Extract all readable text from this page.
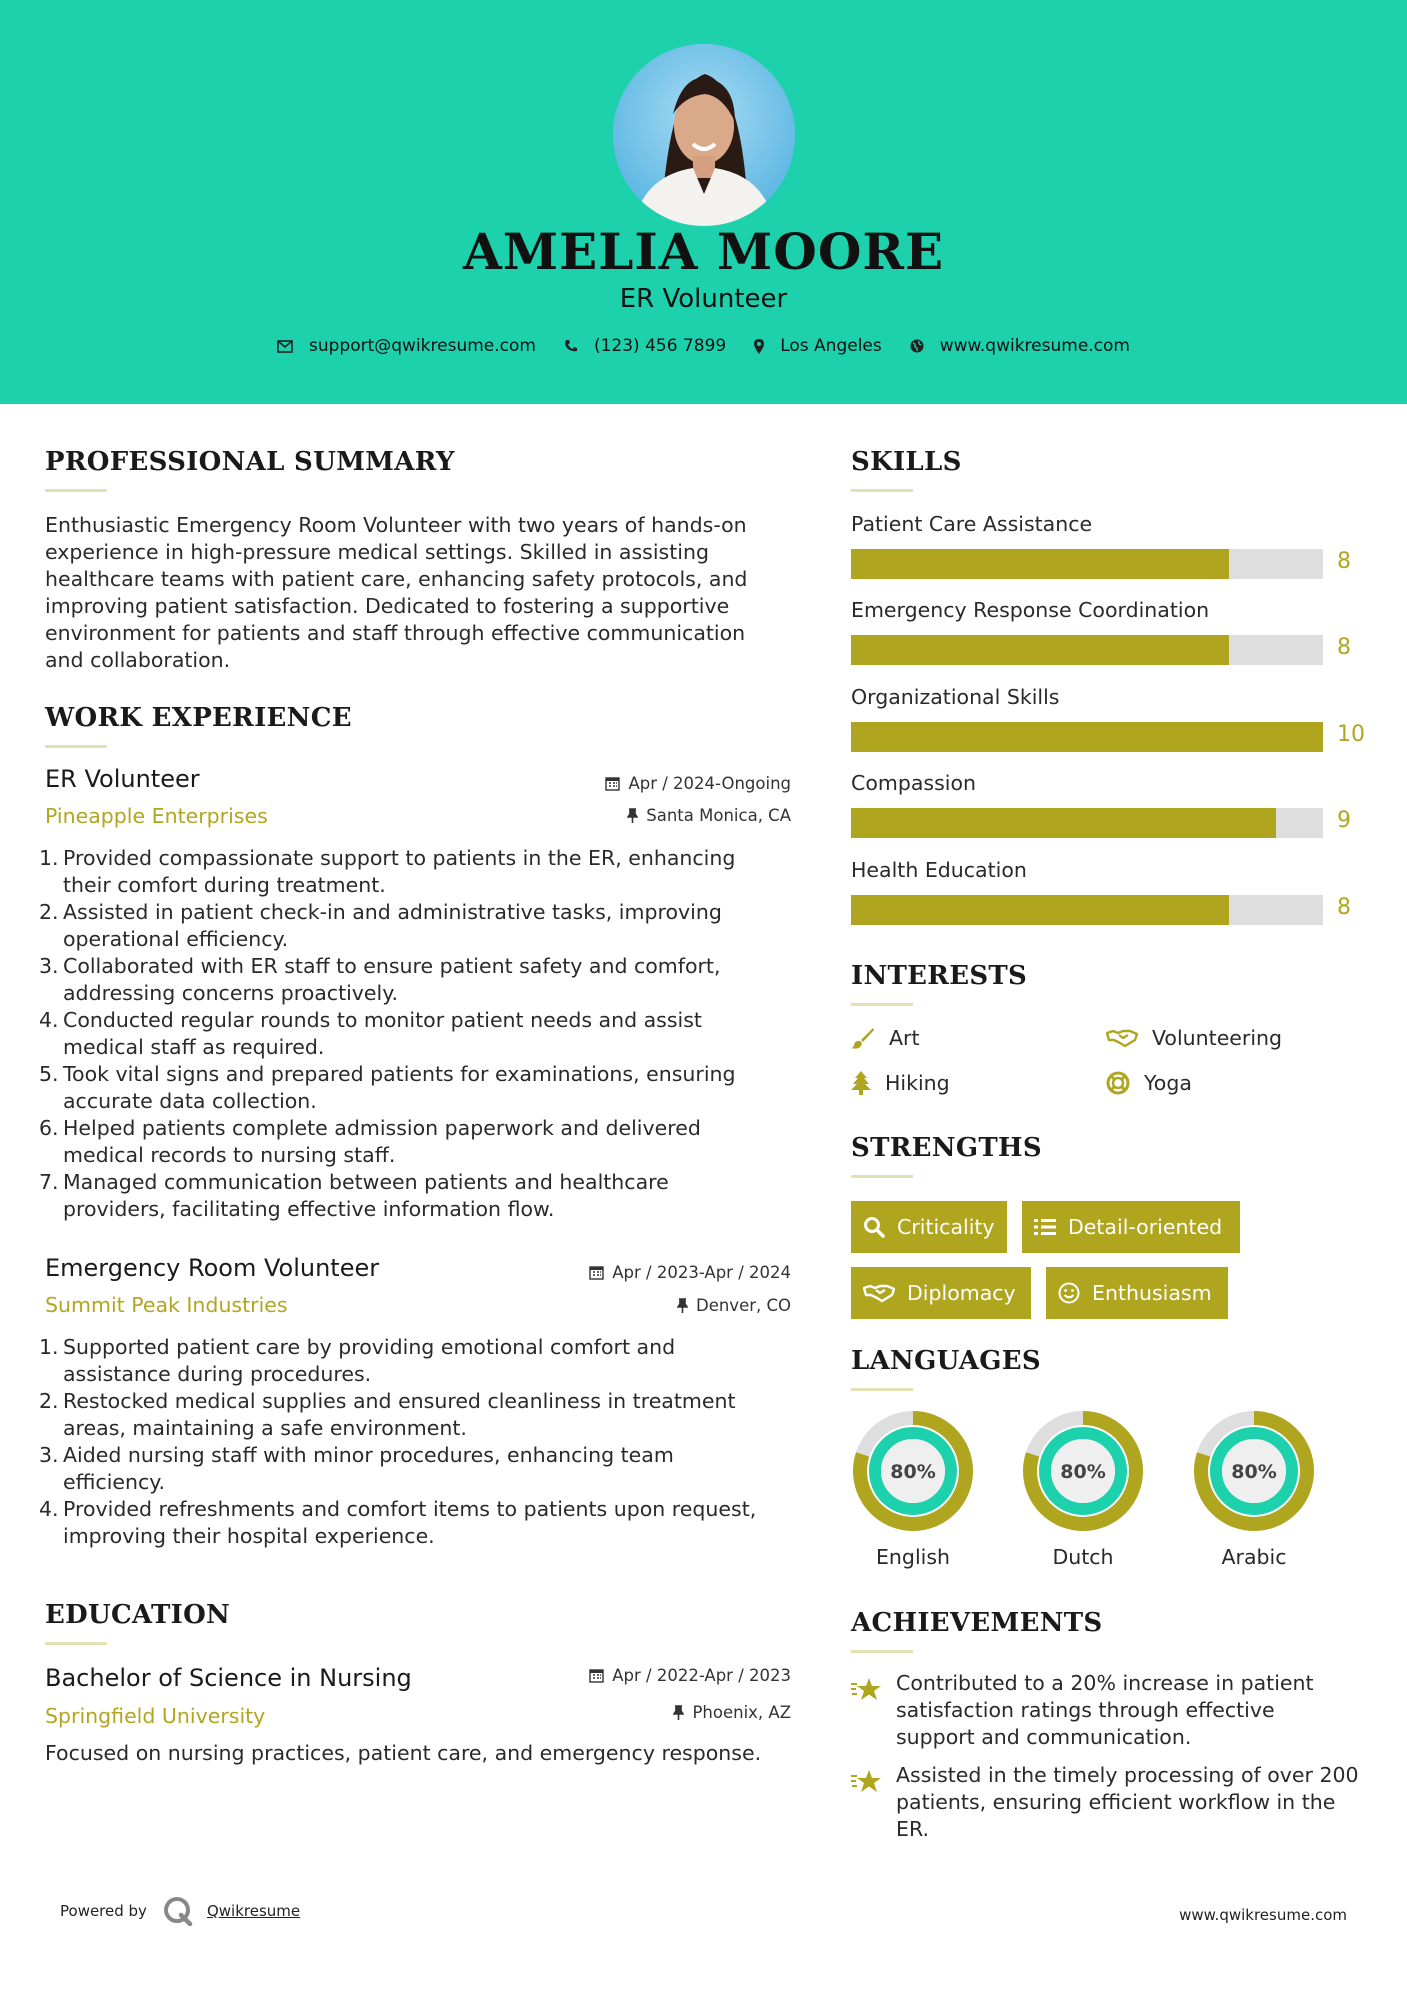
AMELIA MOORE
ER Volunteer
support@qwikresume.com	(123) 456 7899	Los Angeles	www.qwikresume.com
PROFESSIONAL SUMMARY
Enthusiastic Emergency Room Volunteer with two years of hands-on
experience in high-pressure medical settings. Skilled in assisting
healthcare teams with patient care, enhancing safety protocols, and
improving patient satisfaction. Dedicated to fostering a supportive
environment for patients and staff through effective communication
and collaboration.
WORK EXPERIENCE
ER Volunteer
Pineapple Enterprises
Apr / 2024-Ongoing
Santa Monica, CA
1. Provided compassionate support to patients in the ER, enhancing
their comfort during treatment.
2. Assisted in patient check-in and administrative tasks, improving
operational efficiency.
3. Collaborated with ER staff to ensure patient safety and comfort,
addressing concerns proactively.
4. Conducted regular rounds to monitor patient needs and assist
medical staff as required.
5. Took vital signs and prepared patients for examinations, ensuring
accurate data collection.
6. Helped patients complete admission paperwork and delivered
medical records to nursing staff.
7. Managed communication between patients and healthcare
providers, facilitating effective information flow.
Emergency Room Volunteer
Summit Peak Industries
Apr / 2023-Apr / 2024
Denver, CO
1. Supported patient care by providing emotional comfort and
assistance during procedures.
2. Restocked medical supplies and ensured cleanliness in treatment
areas, maintaining a safe environment.
3. Aided nursing staff with minor procedures, enhancing team
efficiency.
4. Provided refreshments and comfort items to patients upon request,
improving their hospital experience.
EDUCATION
Bachelor of Science in Nursing
Springfield University
Apr / 2022-Apr / 2023
Phoenix, AZ
Focused on nursing practices, patient care, and emergency response.
SKILLS
Patient Care Assistance
8
Emergency Response Coordination
8
Organizational Skills
10
Compassion
9
Health Education
8
INTERESTS
Art	Volunteering
Hiking	Yoga
STRENGTHS
Criticality	Detail-oriented
Diplomacy	Enthusiasm
LANGUAGES
80%
English
80%
Dutch
80%
Arabic
ACHIEVEMENTS
Contributed to a 20% increase in patient
satisfaction ratings through effective
support and communication.
Assisted in the timely processing of over 200
patients, ensuring efficient workflow in the
ER.
Powered by	Qwikresume	www.qwikresume.com
